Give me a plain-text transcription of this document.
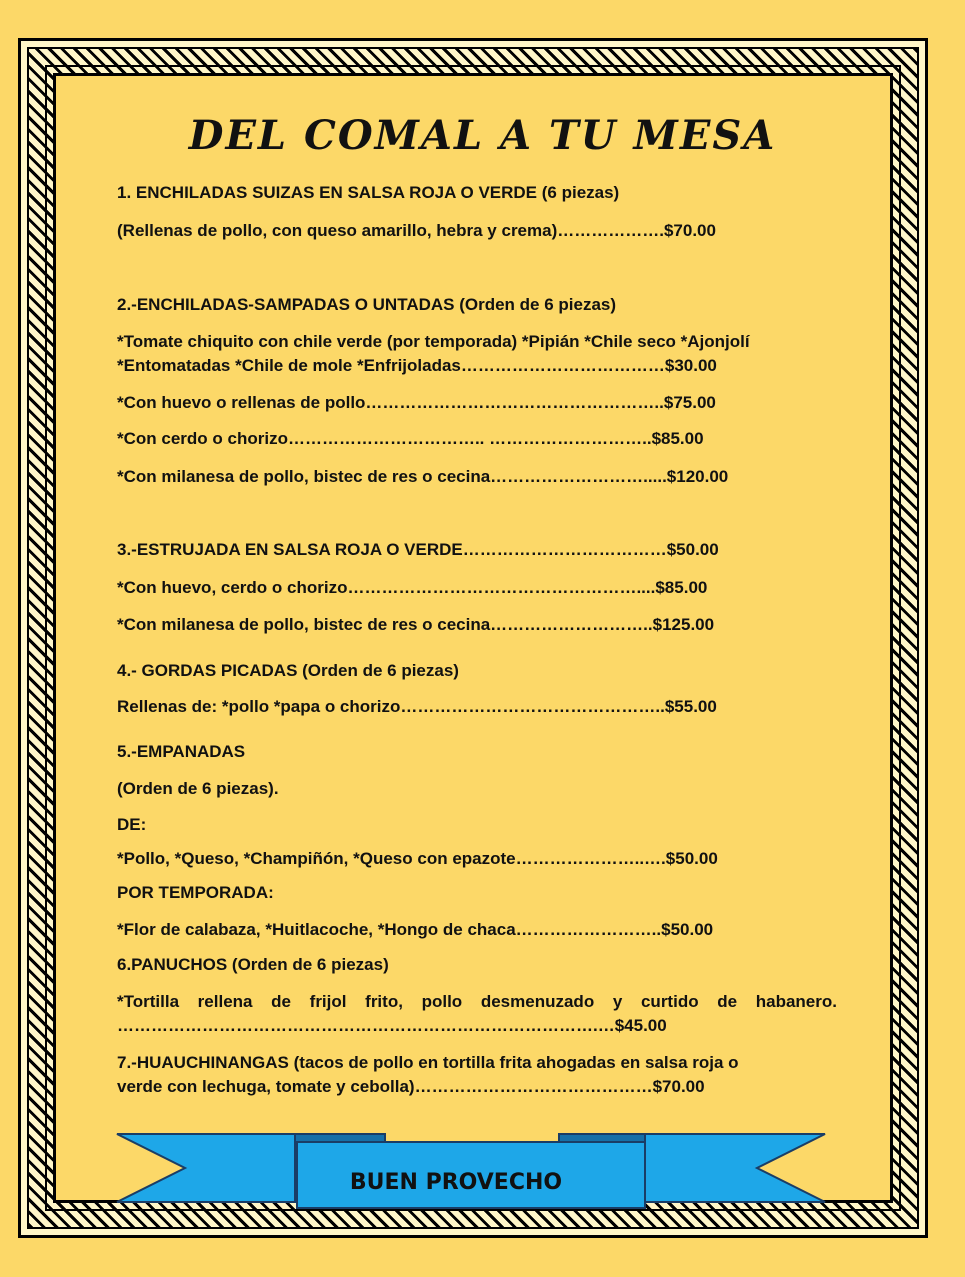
DEL COMAL A TU MESA
1. ENCHILADAS SUIZAS EN SALSA ROJA O VERDE (6 piezas)
(Rellenas de pollo, con queso amarillo, hebra y crema)……………….$70.00
2.-ENCHILADAS-SAMPADAS O UNTADAS (Orden de 6 piezas)
*Tomate chiquito con chile verde (por temporada) *Pipián *Chile seco *Ajonjolí
*Entomatadas *Chile de mole *Enfrijoladas………………………………$30.00
*Con huevo o rellenas de pollo……………………………………………..$75.00
*Con cerdo o chorizo…………………………….. ………………………..$85.00
*Con milanesa de pollo, bistec de res o cecina……………………….....$120.00
3.-ESTRUJADA EN SALSA ROJA O VERDE………………………………$50.00
*Con huevo, cerdo o chorizo……………………………………………....$85.00
*Con milanesa de pollo, bistec de res o cecina………………………..$125.00
4.- GORDAS PICADAS (Orden de 6 piezas)
Rellenas de: *pollo *papa o chorizo………………………………………..$55.00
5.-EMPANADAS
(Orden de 6 piezas).
DE:
*Pollo, *Queso, *Champiñón, *Queso con epazote…………………..….$50.00
POR TEMPORADA:
*Flor de calabaza, *Huitlacoche, *Hongo de chaca……………………..$50.00
6.PANUCHOS (Orden de 6 piezas)
*Tortilla rellena de frijol frito, pollo desmenuzado y curtido de habanero.
………………………………………………………………………….…$45.00
7.-HUAUCHINANGAS (tacos de pollo en tortilla frita ahogadas en salsa roja o
verde con lechuga, tomate y cebolla)……………………………………$70.00
BUEN PROVECHO
